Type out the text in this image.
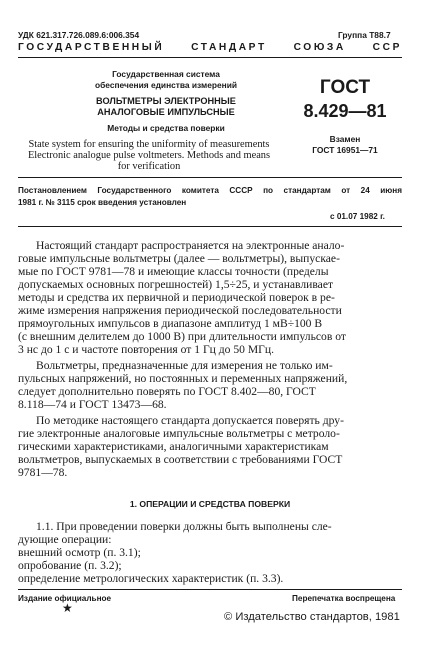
УДК 621.317.726.089.6:006.354	Группа Т88.7
ГОСУДАРСТВЕННЫЙ СТАНДАРТ СОЮЗА ССР
Государственная система
обеспечения единства измерений
ВОЛЬТМЕТРЫ ЭЛЕКТРОННЫЕ
АНАЛОГОВЫЕ ИМПУЛЬСНЫЕ
Методы и средства поверки
State system for ensuring the uniformity of measurements
Electronic analogue pulse voltmeters. Methods and means
for verification
ГОСТ
8.429—81
Взамен
ГОСТ 16951—71
Постановлением Государственного комитета СССР по стандартам от 24 июня
1981 г. № 3115 срок введения установлен
с 01.07 1982 г.
Настоящий стандарт распространяется на электронные анало-
говые импульсные вольтметры (далее — вольтметры), выпускае-
мые по ГОСТ 9781—78 и имеющие классы точности (пределы
допускаемых основных погрешностей) 1,5÷25, и устанавливает
методы и средства их первичной и периодической поверок в ре-
жиме измерения напряжения периодической последовательности
прямоугольных импульсов в диапазоне амплитуд 1 мВ÷100 В
(с внешним делителем до 1000 В) при длительности импульсов от
3 нс до 1 с и частоте повторения от 1 Гц до 50 МГц.
Вольтметры, предназначенные для измерения не только им-
пульсных напряжений, но постоянных и переменных напряжений,
следует дополнительно поверять по ГОСТ 8.402—80, ГОСТ
8.118—74 и ГОСТ 13473—68.
По методике настоящего стандарта допускается поверять дру-
гие электронные аналоговые импульсные вольтметры с метроло-
гическими характеристиками, аналогичными характеристикам
вольтметров, выпускаемых в соответствии с требованиями ГОСТ
9781—78.
1. ОПЕРАЦИИ И СРЕДСТВА ПОВЕРКИ
1.1. При проведении поверки должны быть выполнены сле-
дующие операции:
внешний осмотр (п. 3.1);
опробование (п. 3.2);
определение метрологических характеристик (п. 3.3).
Издание официальное	Перепечатка воспрещена
★
© Издательство стандартов, 1981
